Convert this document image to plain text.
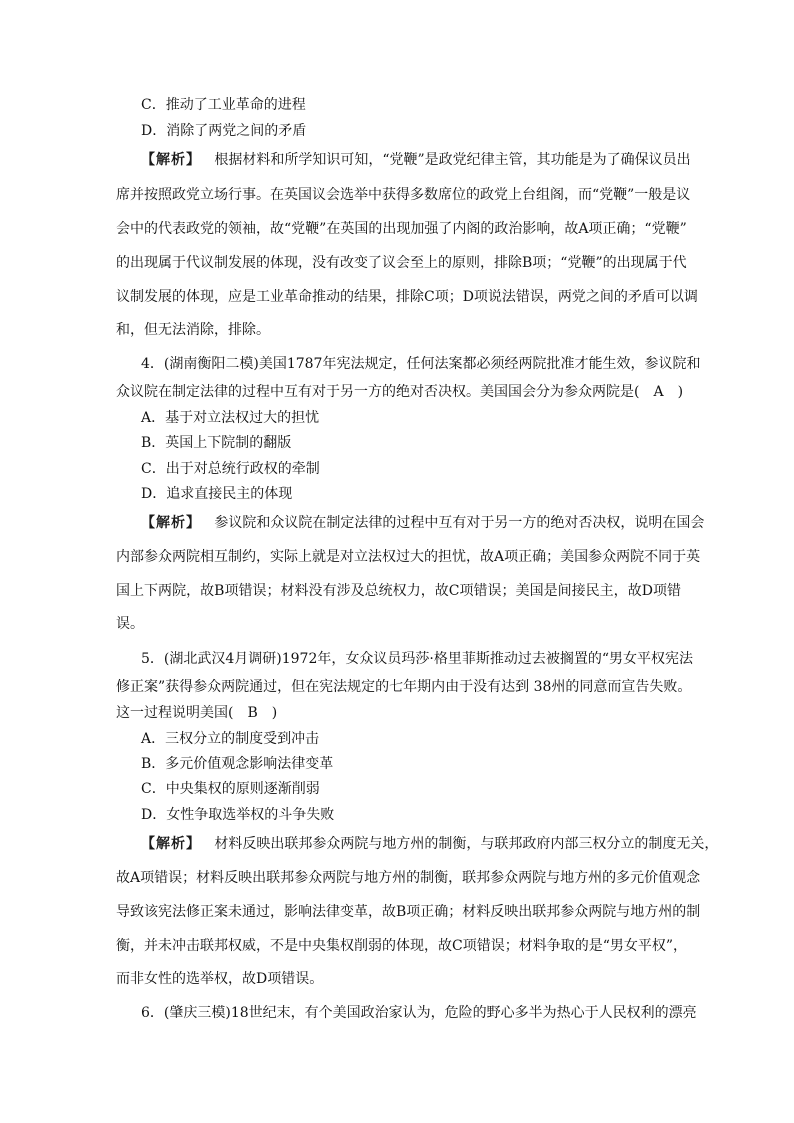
C．推动了工业革命的进程
D．消除了两党之间的矛盾
【解析】 根据材料和所学知识可知，“党鞭”是政党纪律主管，其功能是为了确保议员出
席并按照政党立场行事。在英国议会选举中获得多数席位的政党上台组阁，而“党鞭”一般是议
会中的代表政党的领袖，故“党鞭”在英国的出现加强了内阁的政治影响，故A项正确；“党鞭”
的出现属于代议制发展的体现，没有改变了议会至上的原则，排除B项；“党鞭”的出现属于代
议制发展的体现，应是工业革命推动的结果，排除C项；D项说法错误，两党之间的矛盾可以调
和，但无法消除，排除。
4．(湖南衡阳二模)美国1787年宪法规定，任何法案都必须经两院批准才能生效，参议院和
众议院在制定法律的过程中互有对于另一方的绝对否决权。美国国会分为参众两院是(　A　)
A．基于对立法权过大的担忧
B．英国上下院制的翻版
C．出于对总统行政权的牵制
D．追求直接民主的体现
【解析】 参议院和众议院在制定法律的过程中互有对于另一方的绝对否决权，说明在国会
内部参众两院相互制约，实际上就是对立法权过大的担忧，故A项正确；美国参众两院不同于英
国上下两院，故B项错误；材料没有涉及总统权力，故C项错误；美国是间接民主，故D项错
误。
5．(湖北武汉4月调研)1972年，女众议员玛莎·格里菲斯推动过去被搁置的“男女平权宪法
修正案”获得参众两院通过，但在宪法规定的七年期内由于没有达到 38州的同意而宣告失败。
这一过程说明美国(　B　)
A．三权分立的制度受到冲击
B．多元价值观念影响法律变革
C．中央集权的原则逐渐削弱
D．女性争取选举权的斗争失败
【解析】 材料反映出联邦参众两院与地方州的制衡，与联邦政府内部三权分立的制度无关，
故A项错误；材料反映出联邦参众两院与地方州的制衡，联邦参众两院与地方州的多元价值观念
导致该宪法修正案未通过，影响法律变革，故B项正确；材料反映出联邦参众两院与地方州的制
衡，并未冲击联邦权威，不是中央集权削弱的体现，故C项错误；材料争取的是“男女平权”，
而非女性的选举权，故D项错误。
6．(肇庆三模)18世纪末，有个美国政治家认为，危险的野心多半为热心于人民权利的漂亮
